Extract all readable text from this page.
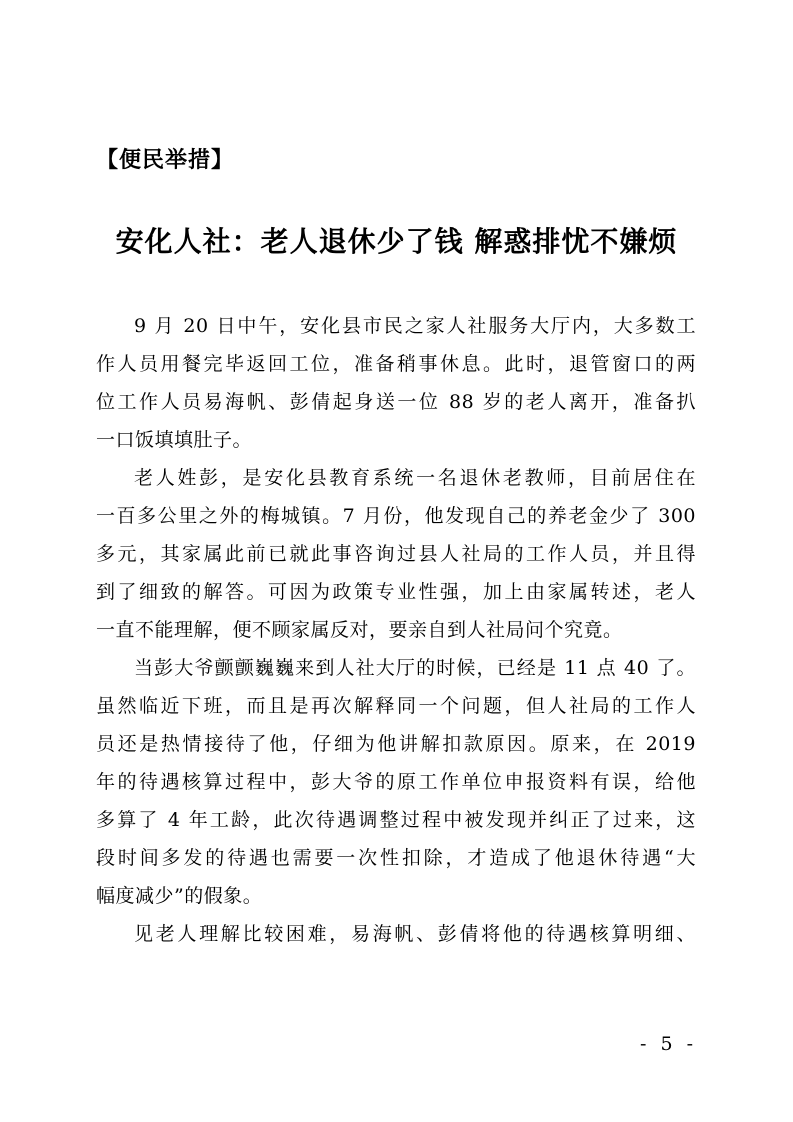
【便民举措】
安化人社：老人退休少了钱 解惑排忧不嫌烦
9 月 20 日中午，安化县市民之家人社服务大厅内，大多数工
作人员用餐完毕返回工位，准备稍事休息。此时，退管窗口的两
位工作人员易海帆、彭倩起身送一位 88 岁的老人离开，准备扒
一口饭填填肚子。
老人姓彭，是安化县教育系统一名退休老教师，目前居住在
一百多公里之外的梅城镇。7 月份，他发现自己的养老金少了 300
多元，其家属此前已就此事咨询过县人社局的工作人员，并且得
到了细致的解答。可因为政策专业性强，加上由家属转述，老人
一直不能理解，便不顾家属反对，要亲自到人社局问个究竟。
当彭大爷颤颤巍巍来到人社大厅的时候，已经是 11 点 40 了。
虽然临近下班，而且是再次解释同一个问题，但人社局的工作人
员还是热情接待了他，仔细为他讲解扣款原因。原来，在 2019
年的待遇核算过程中，彭大爷的原工作单位申报资料有误，给他
多算了 4 年工龄，此次待遇调整过程中被发现并纠正了过来，这
段时间多发的待遇也需要一次性扣除，才造成了他退休待遇“大
幅度减少”的假象。
见老人理解比较困难，易海帆、彭倩将他的待遇核算明细、
- 5 -
